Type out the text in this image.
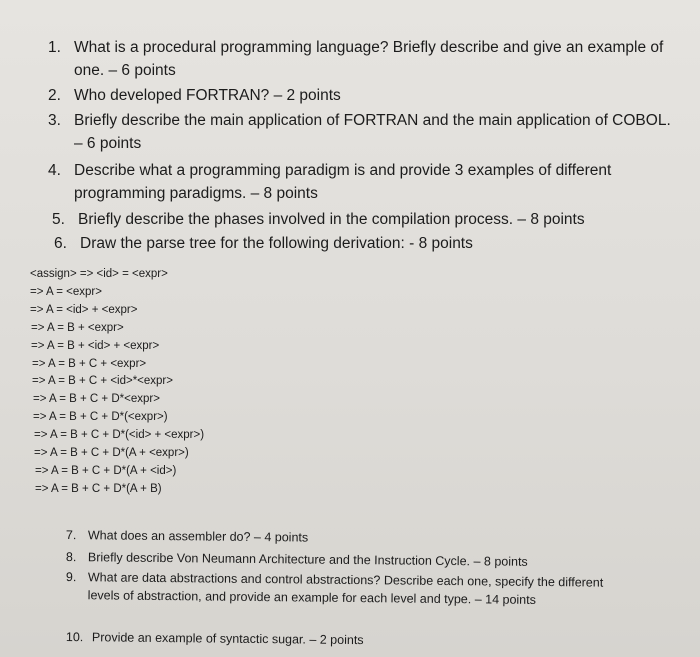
1. What is a procedural programming language? Briefly describe and give an example of one. – 6 points
2. Who developed FORTRAN? – 2 points
3. Briefly describe the main application of FORTRAN and the main application of COBOL. – 6 points
4. Describe what a programming paradigm is and provide 3 examples of different programming paradigms. – 8 points
5. Briefly describe the phases involved in the compilation process. – 8 points
6. Draw the parse tree for the following derivation: - 8 points
<assign> => <id> = <expr>
=> A = <expr>
=> A = <id> + <expr>
=> A = B + <expr>
=> A = B + <id> + <expr>
=> A = B + C + <expr>
=> A = B + C + <id>*<expr>
=> A = B + C + D*<expr>
=> A = B + C + D*(<expr>)
=> A = B + C + D*(<id> + <expr>)
=> A = B + C + D*(A + <expr>)
=> A = B + C + D*(A + <id>)
=> A = B + C + D*(A + B)
7. What does an assembler do? – 4 points
8. Briefly describe Von Neumann Architecture and the Instruction Cycle. – 8 points
9. What are data abstractions and control abstractions? Describe each one, specify the different levels of abstraction, and provide an example for each level and type. – 14 points
10. Provide an example of syntactic sugar. – 2 points
